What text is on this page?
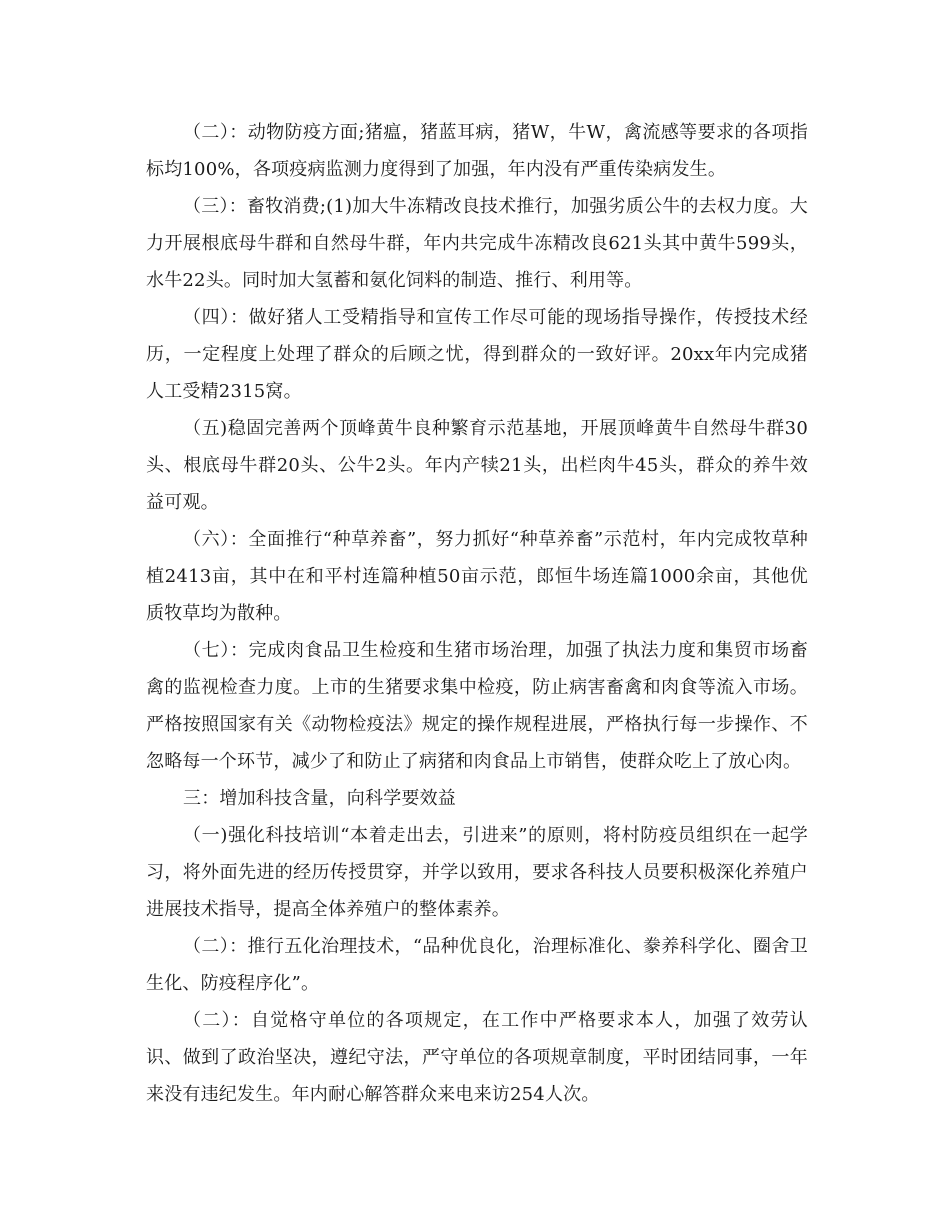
（二）：动物防疫方面;猪瘟，猪蓝耳病，猪W，牛W，禽流感等要求的各项指标均100%，各项疫病监测力度得到了加强，年内没有严重传染病发生。

（三）：畜牧消费;(1)加大牛冻精改良技术推行，加强劣质公牛的去权力度。大力开展根底母牛群和自然母牛群，年内共完成牛冻精改良621头其中黄牛599头，水牛22头。同时加大氢蓄和氨化饲料的制造、推行、利用等。

（四）：做好猪人工受精指导和宣传工作尽可能的现场指导操作，传授技术经历，一定程度上处理了群众的后顾之忧，得到群众的一致好评。20xx年内完成猪人工受精2315窝。

（五)稳固完善两个顶峰黄牛良种繁育示范基地，开展顶峰黄牛自然母牛群30头、根底母牛群20头、公牛2头。年内产犊21头，出栏肉牛45头，群众的养牛效益可观。

（六）：全面推行“种草养畜”，努力抓好“种草养畜”示范村，年内完成牧草种植2413亩，其中在和平村连篇种植50亩示范，郎恒牛场连篇1000余亩，其他优质牧草均为散种。

（七）：完成肉食品卫生检疫和生猪市场治理，加强了执法力度和集贸市场畜禽的监视检查力度。上市的生猪要求集中检疫，防止病害畜禽和肉食等流入市场。严格按照国家有关《动物检疫法》规定的操作规程进展，严格执行每一步操作、不忽略每一个环节，减少了和防止了病猪和肉食品上市销售，使群众吃上了放心肉。

三：增加科技含量，向科学要效益

（一)强化科技培训“本着走出去，引进来”的原则，将村防疫员组织在一起学习，将外面先进的经历传授贯穿，并学以致用，要求各科技人员要积极深化养殖户进展技术指导，提高全体养殖户的整体素养。

（二）：推行五化治理技术，“品种优良化，治理标准化、豢养科学化、圈舍卫生化、防疫程序化”。

（二）：自觉格守单位的各项规定，在工作中严格要求本人，加强了效劳认识、做到了政治坚决，遵纪守法，严守单位的各项规章制度，平时团结同事，一年来没有违纪发生。年内耐心解答群众来电来访254人次。
